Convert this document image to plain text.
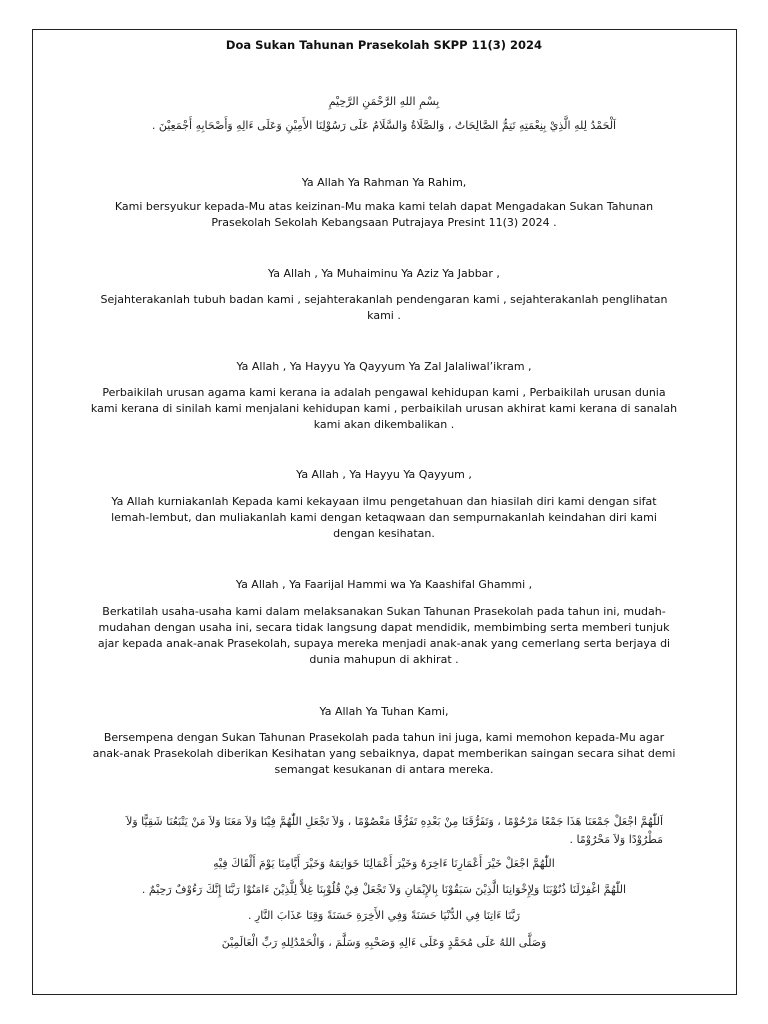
Doa Sukan Tahunan Prasekolah SKPP 11(3) 2024
بِسْمِ اللهِ الرَّحْمَنِ الرَّحِيْمِ
اَلْحَمْدُ لِلهِ الَّذِيْ بِنِعْمَتِهِ تَتِمُّ الصَّالِحَاتُ ، وَالصَّلَاةُ وَالسَّلَامُ عَلَى رَسُوْلِنَا الأَمِيْنِ وَعَلَى ءَالِهِ وَأَصْحَابِهِ أَجْمَعِيْنَ .
Ya Allah Ya Rahman Ya Rahim,
Kami bersyukur kepada-Mu atas keizinan-Mu maka kami telah dapat Mengadakan Sukan Tahunan
Prasekolah Sekolah Kebangsaan Putrajaya Presint 11(3) 2024 .
Ya Allah , Ya Muhaiminu Ya Aziz Ya Jabbar ,
Sejahterakanlah tubuh badan kami , sejahterakanlah pendengaran kami , sejahterakanlah penglihatan
kami .
Ya Allah , Ya Hayyu Ya Qayyum Ya Zal Jalaliwal’ikram ,
Perbaikilah urusan agama kami kerana ia adalah pengawal kehidupan kami , Perbaikilah urusan dunia
kami kerana di sinilah kami menjalani kehidupan kami , perbaikilah urusan akhirat kami kerana di sanalah
kami akan dikembalikan .
Ya Allah , Ya Hayyu Ya Qayyum ,
Ya Allah kurniakanlah Kepada kami kekayaan ilmu pengetahuan dan hiasilah diri kami dengan sifat
lemah-lembut, dan muliakanlah kami dengan ketaqwaan dan sempurnakanlah keindahan diri kami
dengan kesihatan.
Ya Allah , Ya Faarijal Hammi wa Ya Kaashifal Ghammi ,
Berkatilah usaha-usaha kami dalam melaksanakan Sukan Tahunan Prasekolah pada tahun ini, mudah-
mudahan dengan usaha ini, secara tidak langsung dapat mendidik, membimbing serta memberi tunjuk
ajar kepada anak-anak Prasekolah, supaya mereka menjadi anak-anak yang cemerlang serta berjaya di
dunia mahupun di akhirat .
Ya Allah Ya Tuhan Kami,
Bersempena dengan Sukan Tahunan Prasekolah pada tahun ini juga, kami memohon kepada-Mu agar
anak-anak Prasekolah diberikan Kesihatan yang sebaiknya, dapat memberikan saingan secara sihat demi
semangat kesukanan di antara mereka.
اَللّٰهُمَّ اجْعَلْ جَمْعَنَا هَذَا جَمْعًا مَرْحُوْمًا ، وَتَفَرُّقَنَا مِنْ بَعْدِهِ تَفَرُّقًا مَعْصُوْمًا ، وَلاَ تَجْعَلِ اللّٰهُمَّ فِيْنَا وَلاَ مَعَنَا وَلاَ مَنْ يَتْبَعُنَا شَقِيًّا وَلاَ
مَطْرُوْدًا وَلاَ مَحْرُوْمًا .
اللّٰهُمَّ اجْعَلْ خَيْرَ أَعْمَارِنَا ءَاخِرَهُ وَخَيْرَ أَعْمَالِنَا خَوَاتِمَهُ وَخَيْرَ أَيَّامِنَا يَوْمَ أَلْقَاكَ فِيْهِ
اللّٰهُمَّ اغْفِرْلَنَا ذُنُوْبَنَا وَلِإِخْوَانِنَا الَّذِيْنَ سَبَقُوْنَا بِالإِيْمَانِ وَلاَ تَجْعَلْ فِيْ قُلُوْبِنَا غِلاًّ لِلَّذِيْنَ ءَامَنُوْا رَبَّنَا إِنَّكَ رَءُوْفٌ رَحِيْمٌ .
رَبَّنَا ءَاتِنَا فِي الدُّنْيَا حَسَنَةً وَفِي الأَخِرَةِ حَسَنَةً وَقِنَا عَذَابَ النَّارِ .
وَصَلَّى اللهُ عَلَى مُحَمَّدٍ وَعَلَى ءَالِهِ وَصَحْبِهِ وَسَلَّمَ ، وَالْحَمْدُلِلهِ رَبِّ الْعَالَمِيْنَ
